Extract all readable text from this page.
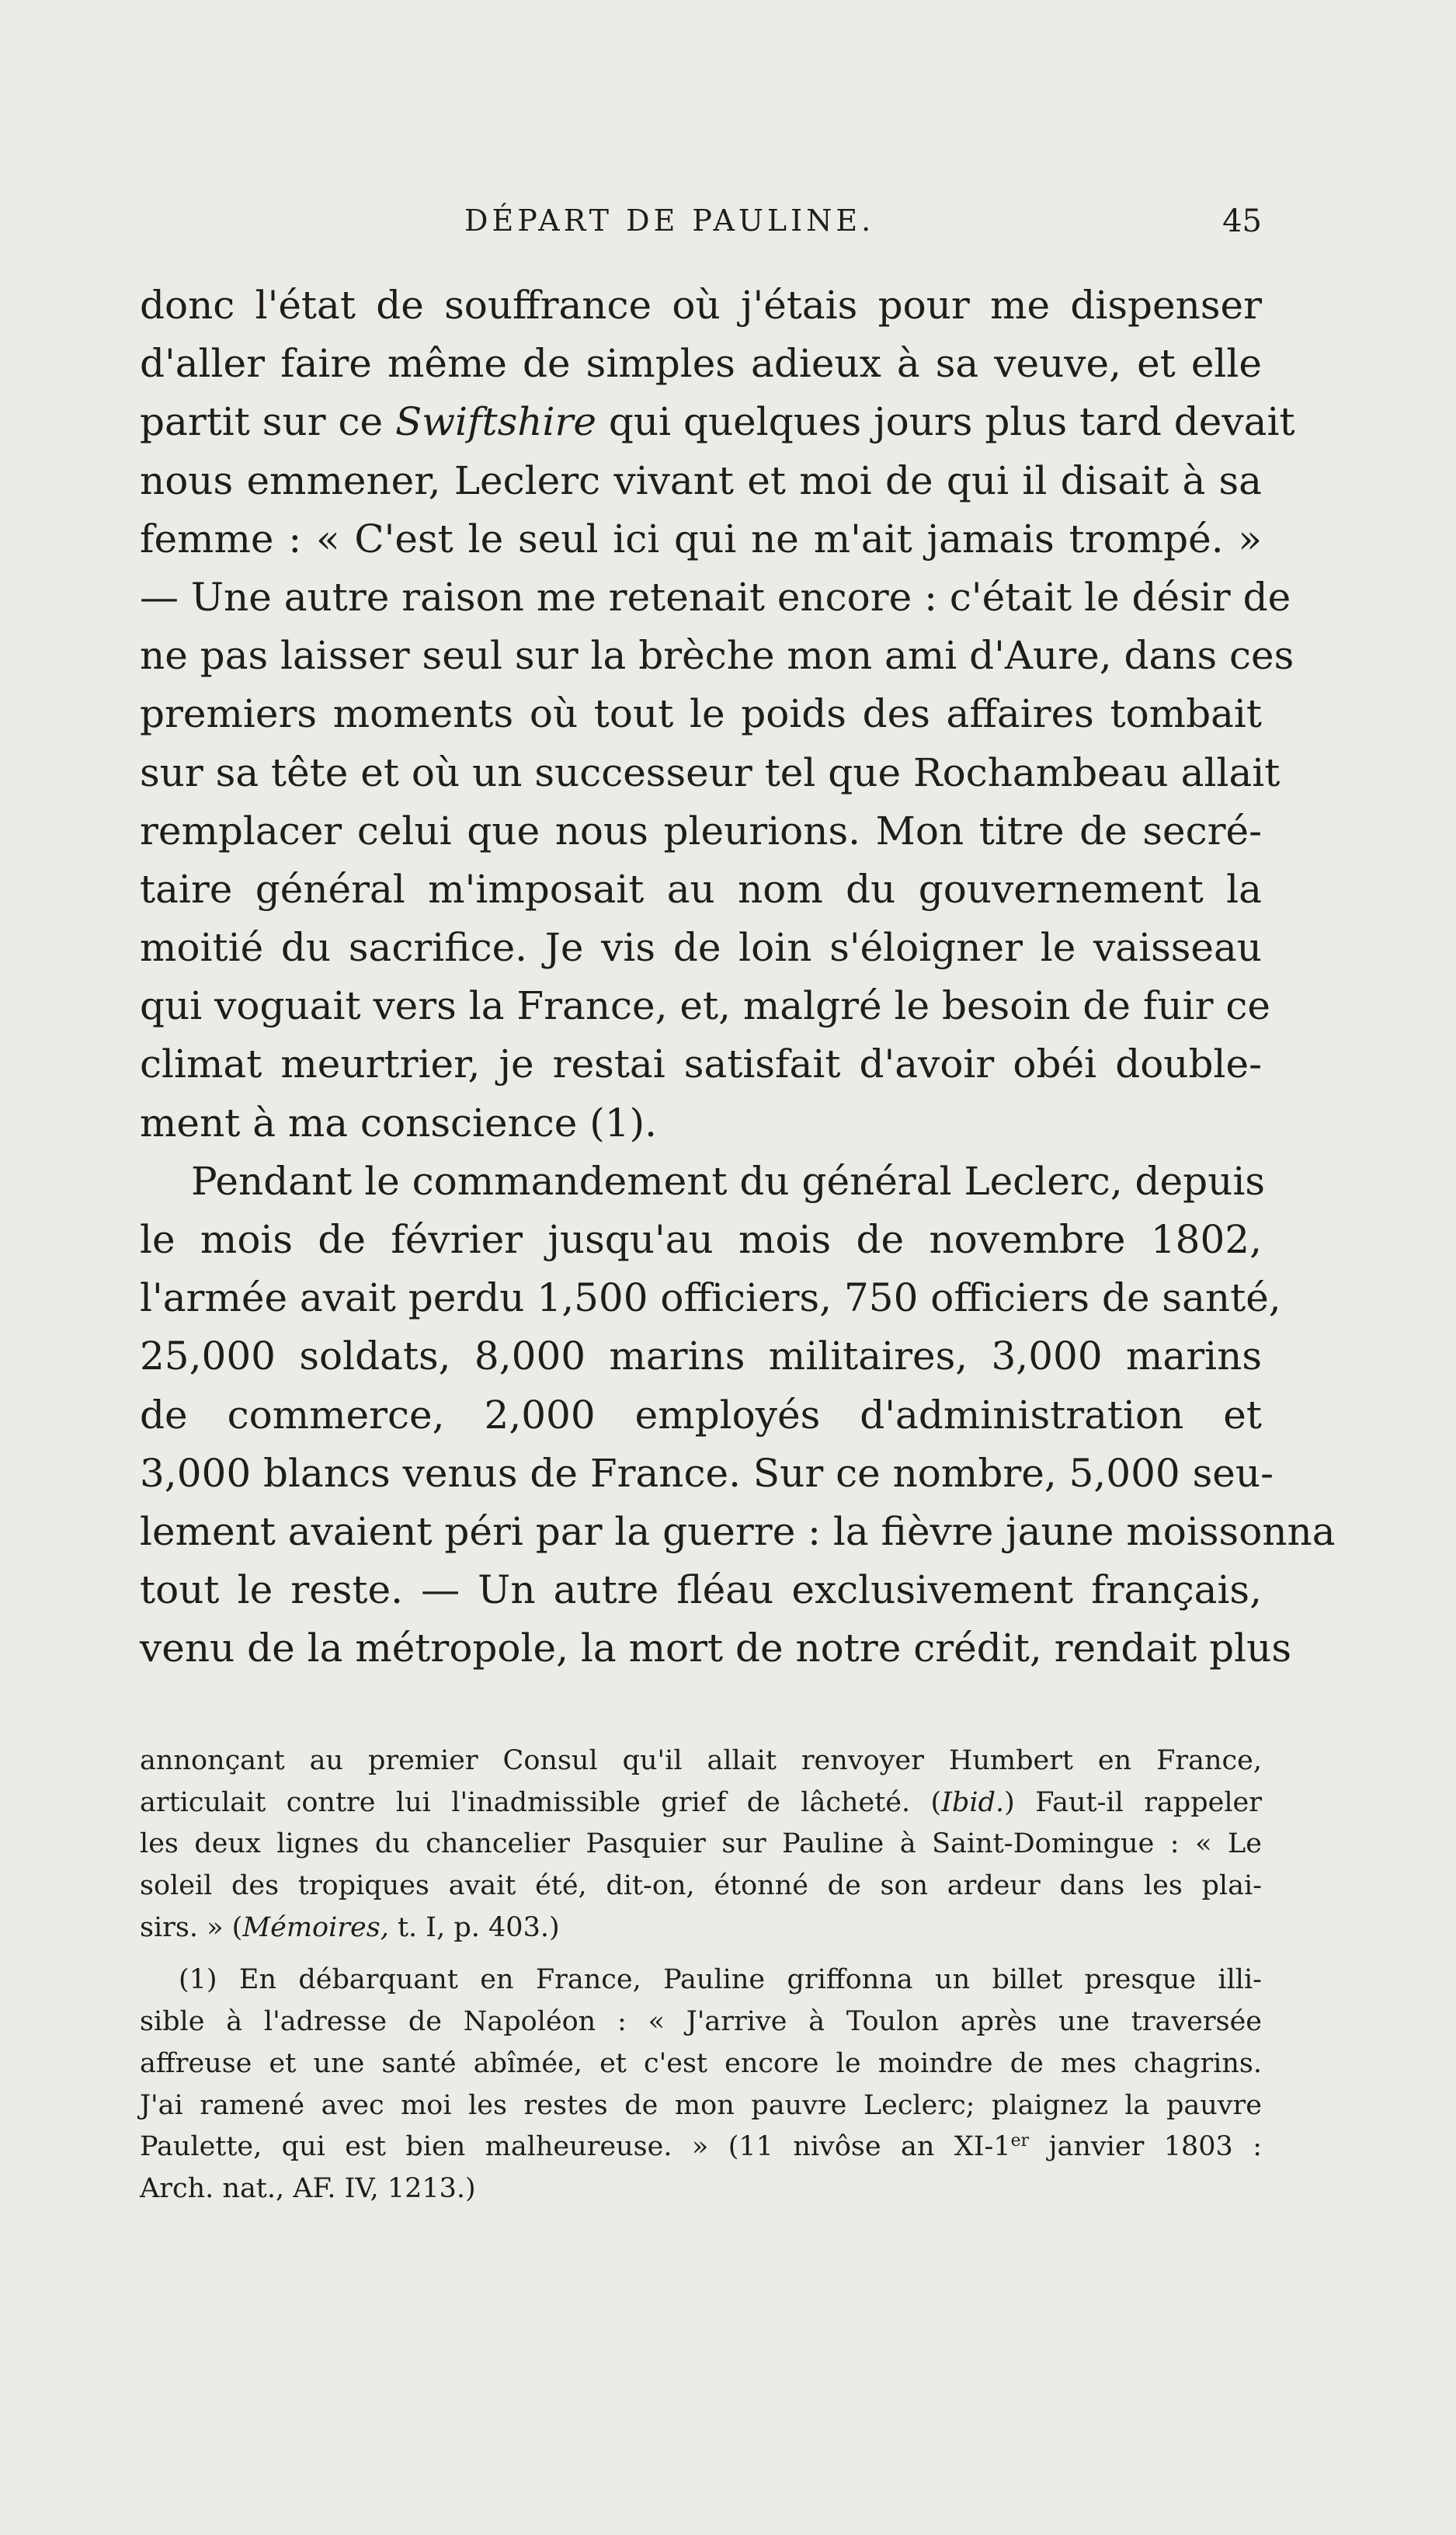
DÉPART DE PAULINE.	45
donc l'état de souffrance où j'étais pour me dispenser
d'aller faire même de simples adieux à sa veuve, et elle
partit sur ce Swiftshire qui quelques jours plus tard devait
nous emmener, Leclerc vivant et moi de qui il disait à sa
femme : « C'est le seul ici qui ne m'ait jamais trompé. »
— Une autre raison me retenait encore : c'était le désir de
ne pas laisser seul sur la brèche mon ami d'Aure, dans ces
premiers moments où tout le poids des affaires tombait
sur sa tête et où un successeur tel que Rochambeau allait
remplacer celui que nous pleurions. Mon titre de secré-
taire général m'imposait au nom du gouvernement la
moitié du sacrifice. Je vis de loin s'éloigner le vaisseau
qui voguait vers la France, et, malgré le besoin de fuir ce
climat meurtrier, je restai satisfait d'avoir obéi double-
ment à ma conscience (1).
Pendant le commandement du général Leclerc, depuis
le mois de février jusqu'au mois de novembre 1802,
l'armée avait perdu 1,500 officiers, 750 officiers de santé,
25,000 soldats, 8,000 marins militaires, 3,000 marins
de commerce, 2,000 employés d'administration et
3,000 blancs venus de France. Sur ce nombre, 5,000 seu-
lement avaient péri par la guerre : la fièvre jaune moissonna
tout le reste. — Un autre fléau exclusivement français,
venu de la métropole, la mort de notre crédit, rendait plus
annonçant au premier Consul qu'il allait renvoyer Humbert en France,
articulait contre lui l'inadmissible grief de lâcheté. (Ibid.) Faut-il rappeler
les deux lignes du chancelier Pasquier sur Pauline à Saint-Domingue : « Le
soleil des tropiques avait été, dit-on, étonné de son ardeur dans les plai-
sirs. » (Mémoires, t. I, p. 403.)
(1) En débarquant en France, Pauline griffonna un billet presque illi-
sible à l'adresse de Napoléon : « J'arrive à Toulon après une traversée
affreuse et une santé abîmée, et c'est encore le moindre de mes chagrins.
J'ai ramené avec moi les restes de mon pauvre Leclerc; plaignez la pauvre
Paulette, qui est bien malheureuse. » (11 nivôse an XI-1er janvier 1803 :
Arch. nat., AF. IV, 1213.)
